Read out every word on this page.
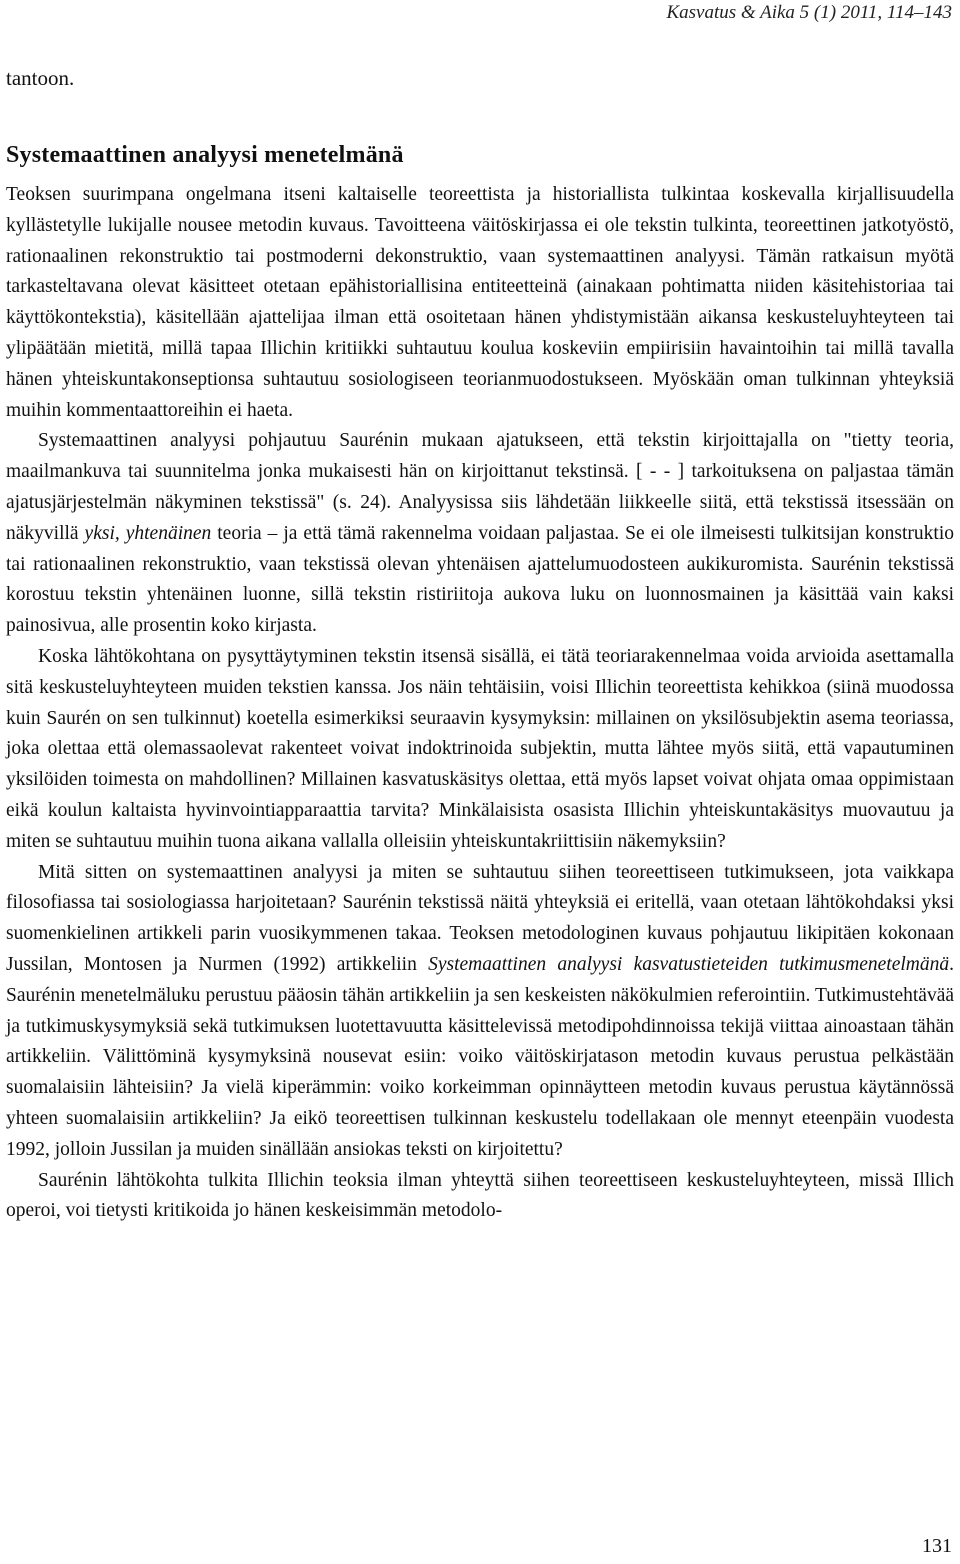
Kasvatus & Aika 5 (1) 2011, 114–143
tantoon.
Systemaattinen analyysi menetelmänä

Teoksen suurimpana ongelmana itseni kaltaiselle teoreettista ja historiallista tulkintaa koskevalla kirjallisuudella kyllästetylle lukijalle nousee metodin kuvaus. Tavoitteena väitöskirjassa ei ole tekstin tulkinta, teoreettinen jatkotyöstö, rationaalinen rekonstruktio tai postmoderni dekonstruktio, vaan systemaattinen analyysi. Tämän ratkaisun myötä tarkasteltavana olevat käsitteet otetaan epähistoriallisina entiteetteinä (ainakaan pohtimatta niiden käsitehistoriaa tai käyttökontekstia), käsitellään ajattelijaa ilman että osoitetaan hänen yhdistymistään aikansa keskusteluyhteyteen tai ylipäätään mietitä, millä tapaa Illichin kritiikki suhtautuu koulua koskeviin empiirisiin havaintoihin tai millä tavalla hänen yhteiskuntakonseptionsa suhtautuu sosiologiseen teorianmuodostukseen. Myöskään oman tulkinnan yhteyksiä muihin kommentaattoreihin ei haeta.

Systemaattinen analyysi pohjautuu Saurénin mukaan ajatukseen, että tekstin kirjoittajalla on "tietty teoria, maailmankuva tai suunnitelma jonka mukaisesti hän on kirjoittanut tekstinsä. [ - - ] tarkoituksena on paljastaa tämän ajatusjärjestelmän näkyminen tekstissä" (s. 24). Analyysissa siis lähdetään liikkeelle siitä, että tekstissä itsessään on näkyvillä yksi, yhtenäinen teoria – ja että tämä rakennelma voidaan paljastaa. Se ei ole ilmeisesti tulkitsijan konstruktio tai rationaalinen rekonstruktio, vaan tekstissä olevan yhtenäisen ajattelumuodosteen aukikuromista. Saurénin tekstissä korostuu tekstin yhtenäinen luonne, sillä tekstin ristiriitoja aukova luku on luonnosmainen ja käsittää vain kaksi painosivua, alle prosentin koko kirjasta.

Koska lähtökohtana on pysyttäytyminen tekstin itsensä sisällä, ei tätä teoriarakennelmaa voida arvioida asettamalla sitä keskusteluyhteyteen muiden tekstien kanssa. Jos näin tehtäisiin, voisi Illichin teoreettista kehikkoa (siinä muodossa kuin Saurén on sen tulkinnut) koetella esimerkiksi seuraavin kysymyksin: millainen on yksilösubjektin asema teoriassa, joka olettaa että olemassaolevat rakenteet voivat indoktrinoida subjektin, mutta lähtee myös siitä, että vapautuminen yksilöiden toimesta on mahdollinen? Millainen kasvatuskäsitys olettaa, että myös lapset voivat ohjata omaa oppimistaan eikä koulun kaltaista hyvinvointiapparaattia tarvita? Minkälaisista osasista Illichin yhteiskuntakäsitys muovautuu ja miten se suhtautuu muihin tuona aikana vallalla olleisiin yhteiskuntakriittisiin näkemyksiin?

Mitä sitten on systemaattinen analyysi ja miten se suhtautuu siihen teoreettiseen tutkimukseen, jota vaikkapa filosofiassa tai sosiologiassa harjoitetaan? Saurénin tekstissä näitä yhteyksiä ei eritellä, vaan otetaan lähtökohdaksi yksi suomenkielinen artikkeli parin vuosikymmenen takaa. Teoksen metodologinen kuvaus pohjautuu likipitäen kokonaan Jussilan, Montosen ja Nurmen (1992) artikkeliin Systemaattinen analyysi kasvatustieteiden tutkimusmenetelmänä. Saurénin menetelmäluku perustuu pääosin tähän artikkeliin ja sen keskeisten näkökulmien referointiin. Tutkimustehtävää ja tutkimuskysymyksiä sekä tutkimuksen luotettavuutta käsittelevissä metodipohdinnoissa tekijä viittaa ainoastaan tähän artikkeliin. Välittöminä kysymyksinä nousevat esiin: voiko väitöskirjatason metodin kuvaus perustua pelkästään suomalaisiin lähteisiin? Ja vielä kiperämmin: voiko korkeimman opinnäytteen metodin kuvaus perustua käytännössä yhteen suomalaisiin artikkeliin? Ja eikö teoreettisen tulkinnan keskustelu todellakaan ole mennyt eteenpäin vuodesta 1992, jolloin Jussilan ja muiden sinällään ansiokas teksti on kirjoitettu?

Saurénin lähtökohta tulkita Illichin teoksia ilman yhteyttä siihen teoreettiseen keskusteluyhteyteen, missä Illich operoi, voi tietysti kritikoida jo hänen keskeisimmän metodolo-

131
